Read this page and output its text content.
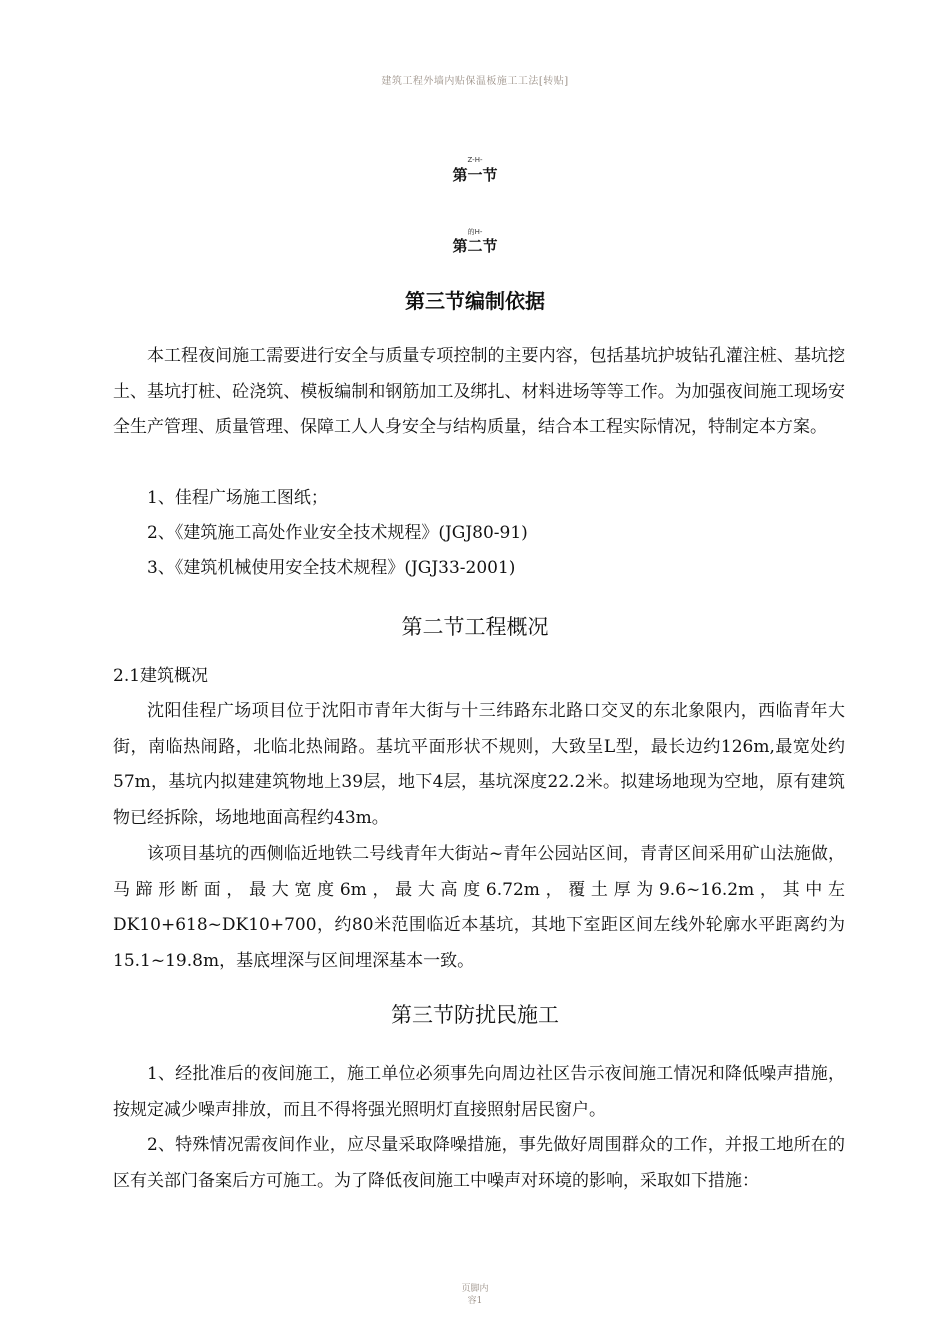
建筑工程外墙内贴保温板施工工法[转贴]
Z-H-
第一节
的H-
第二节
第三节编制依据

本工程夜间施工需要进行安全与质量专项控制的主要内容，包括基坑护坡钻孔灌注桩、基坑挖土、基坑打桩、砼浇筑、模板编制和钢筋加工及绑扎、材料进场等等工作。为加强夜间施工现场安全生产管理、质量管理、保障工人人身安全与结构质量，结合本工程实际情况，特制定本方案。

1、佳程广场施工图纸；

2、《建筑施工高处作业安全技术规程》(JGJ80-91)

3、《建筑机械使用安全技术规程》(JGJ33-2001)

第二节工程概况

2.1建筑概况

沈阳佳程广场项目位于沈阳市青年大街与十三纬路东北路口交叉的东北象限内，西临青年大街，南临热闹路，北临北热闹路。基坑平面形状不规则，大致呈L型，最长边约126m,最宽处约57m，基坑内拟建建筑物地上39层，地下4层，基坑深度22.2米。拟建场地现为空地，原有建筑物已经拆除，场地地面高程约43m。

该项目基坑的西侧临近地铁二号线青年大街站~青年公园站区间，青青区间采用矿山法施做，马蹄形断面，最大宽度6m，最大高度6.72m，覆土厚为9.6~16.2m，其中左DK10+618~DK10+700，约80米范围临近本基坑，其地下室距区间左线外轮廓水平距离约为15.1~19.8m，基底埋深与区间埋深基本一致。

第三节防扰民施工

1、经批准后的夜间施工，施工单位必须事先向周边社区告示夜间施工情况和降低噪声措施，按规定减少噪声排放，而且不得将强光照明灯直接照射居民窗户。

2、特殊情况需夜间作业，应尽量采取降噪措施，事先做好周围群众的工作，并报工地所在的区有关部门备案后方可施工。为了降低夜间施工中噪声对环境的影响，采取如下措施：

页脚内
容1
